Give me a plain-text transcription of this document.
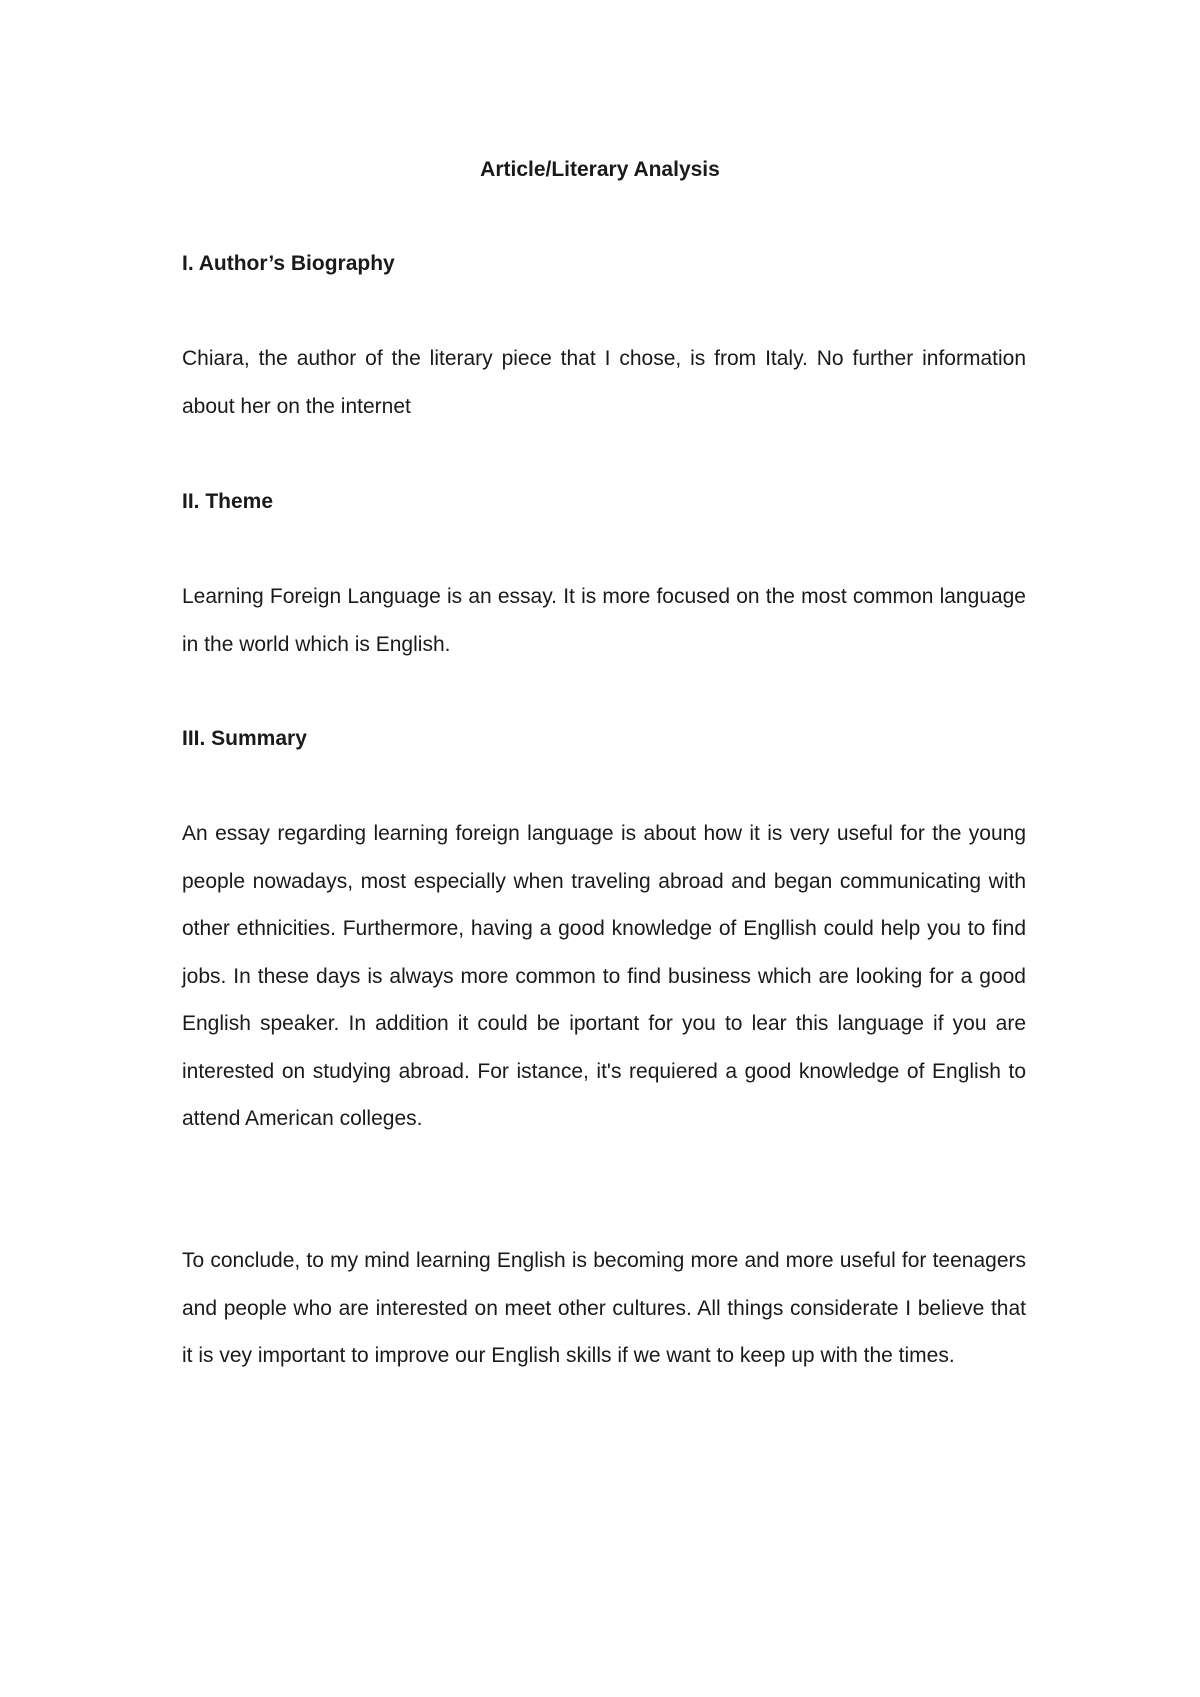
Article/Literary Analysis
I. Author’s Biography

Chiara, the author of the literary piece that I chose, is from Italy. No further information about her on the internet

II. Theme

Learning Foreign Language is an essay. It is more focused on the most common language in the world which is English.

III. Summary

An essay regarding learning foreign language is about how it is very useful for the young people nowadays, most especially when traveling abroad and began communicating with other ethnicities. Furthermore, having a good knowledge of Engllish could help you to find jobs. In these days is always more common to find business which are looking for a good English speaker. In addition it could be iportant for you to lear this language if you are interested on studying abroad. For istance, it's requiered a good knowledge of English to attend American colleges.

To conclude, to my mind learning English is becoming more and more useful for teenagers and people who are interested on meet other cultures. All things considerate I believe that it is vey important to improve our English skills if we want to keep up with the times.
